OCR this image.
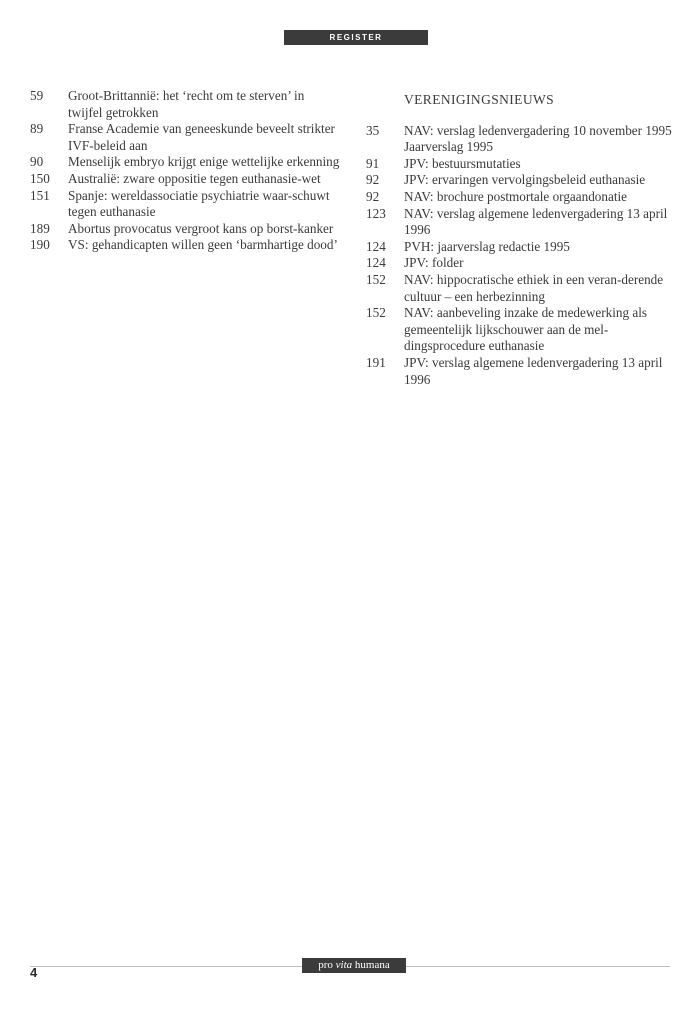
REGISTER
59	Groot-Brittannië: het ‘recht om te sterven’ in twijfel getrokken
89	Franse Academie van geneeskunde beveelt strikter IVF-beleid aan
90	Menselijk embryo krijgt enige wettelijke erkenning
150	Australië: zware oppositie tegen euthanasie-wet
151	Spanje: wereldassociatie psychiatrie waar-schuwt tegen euthanasie
189	Abortus provocatus vergroot kans op borst-kanker
190	VS: gehandicapten willen geen ‘barmhartige dood’
VERENIGINGSNIEUWS
35	NAV: verslag ledenvergadering 10 november 1995
Jaarverslag 1995
91	JPV: bestuursmutaties
92	JPV: ervaringen vervolgingsbeleid euthanasie
92	NAV: brochure postmortale orgaandonatie
123	NAV: verslag algemene ledenvergadering 13 april 1996
124	PVH: jaarverslag redactie 1995
124	JPV: folder
152	NAV: hippocratische ethiek in een veran-derende cultuur – een herbezinning
152	NAV: aanbeveling inzake de medewerking als gemeentelijk lijkschouwer aan de mel-dingsprocedure euthanasie
191	JPV: verslag algemene ledenvergadering 13 april 1996
pro vita humana
4
